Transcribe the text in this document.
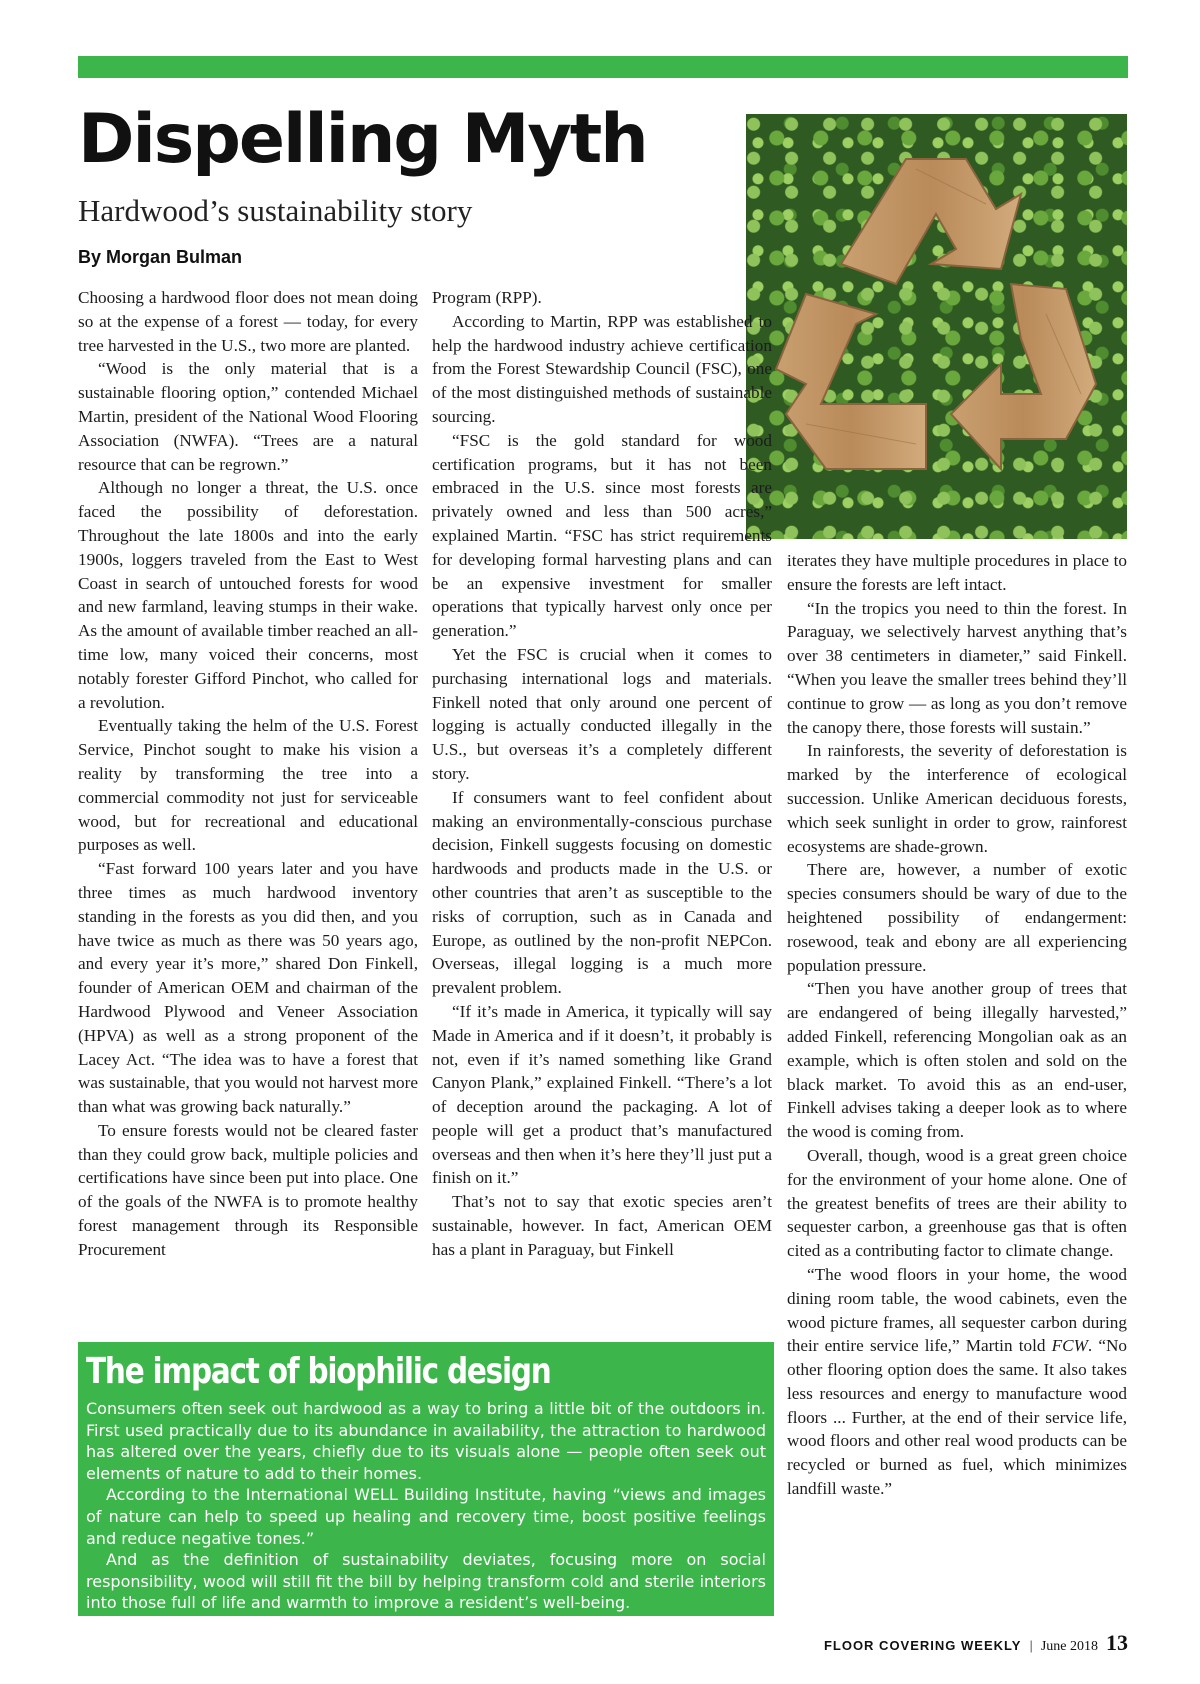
Dispelling Myth
Hardwood’s sustainability story

By Morgan Bulman

Choosing a hardwood floor does not mean doing so at the expense of a forest — today, for every tree harvested in the U.S., two more are planted.

“Wood is the only material that is a sustainable flooring option,” contended Michael Martin, president of the National Wood Flooring Association (NWFA). “Trees are a natural resource that can be regrown.”

Although no longer a threat, the U.S. once faced the possibility of deforestation. Throughout the late 1800s and into the early 1900s, loggers traveled from the East to West Coast in search of untouched forests for wood and new farmland, leaving stumps in their wake. As the amount of available timber reached an all-time low, many voiced their concerns, most notably forester Gifford Pinchot, who called for a revolution.

Eventually taking the helm of the U.S. Forest Service, Pinchot sought to make his vision a reality by transforming the tree into a commercial commodity not just for serviceable wood, but for recreational and educational purposes as well.

“Fast forward 100 years later and you have three times as much hardwood inventory standing in the forests as you did then, and you have twice as much as there was 50 years ago, and every year it’s more,” shared Don Finkell, founder of American OEM and chairman of the Hardwood Plywood and Veneer Association (HPVA) as well as a strong proponent of the Lacey Act. “The idea was to have a forest that was sustainable, that you would not harvest more than what was growing back naturally.”

To ensure forests would not be cleared faster than they could grow back, multiple policies and certifications have since been put into place. One of the goals of the NWFA is to promote healthy forest management through its Responsible Procurement

Program (RPP).

According to Martin, RPP was established to help the hardwood industry achieve certification from the Forest Stewardship Council (FSC), one of the most distinguished methods of sustainable sourcing.

“FSC is the gold standard for wood certification programs, but it has not been embraced in the U.S. since most forests are privately owned and less than 500 acres,” explained Martin. “FSC has strict requirements for developing formal harvesting plans and can be an expensive investment for smaller operations that typically harvest only once per generation.”

Yet the FSC is crucial when it comes to purchasing international logs and materials. Finkell noted that only around one percent of logging is actually conducted illegally in the U.S., but overseas it’s a completely different story.

If consumers want to feel confident about making an environmentally-conscious purchase decision, Finkell suggests focusing on domestic hardwoods and products made in the U.S. or other countries that aren’t as susceptible to the risks of corruption, such as in Canada and Europe, as outlined by the non-profit NEPCon. Overseas, illegal logging is a much more prevalent problem.

“If it’s made in America, it typically will say Made in America and if it doesn’t, it probably is not, even if it’s named something like Grand Canyon Plank,” explained Finkell. “There’s a lot of deception around the packaging. A lot of people will get a product that’s manufactured overseas and then when it’s here they’ll just put a finish on it.”

That’s not to say that exotic species aren’t sustainable, however. In fact, American OEM has a plant in Paraguay, but Finkell

iterates they have multiple procedures in place to ensure the forests are left intact.

“In the tropics you need to thin the forest. In Paraguay, we selectively harvest anything that’s over 38 centimeters in diameter,” said Finkell. “When you leave the smaller trees behind they’ll continue to grow — as long as you don’t remove the canopy there, those forests will sustain.”

In rainforests, the severity of deforestation is marked by the interference of ecological succession. Unlike American deciduous forests, which seek sunlight in order to grow, rainforest ecosystems are shade-grown.

There are, however, a number of exotic species consumers should be wary of due to the heightened possibility of endangerment: rosewood, teak and ebony are all experiencing population pressure.

“Then you have another group of trees that are endangered of being illegally harvested,” added Finkell, referencing Mongolian oak as an example, which is often stolen and sold on the black market. To avoid this as an end-user, Finkell advises taking a deeper look as to where the wood is coming from.

Overall, though, wood is a great green choice for the environment of your home alone. One of the greatest benefits of trees are their ability to sequester carbon, a greenhouse gas that is often cited as a contributing factor to climate change.

“The wood floors in your home, the wood dining room table, the wood cabinets, even the wood picture frames, all sequester carbon during their entire service life,” Martin told FCW. “No other flooring option does the same. It also takes less resources and energy to manufacture wood floors ... Further, at the end of their service life, wood floors and other real wood products can be recycled or burned as fuel, which minimizes landfill waste.”

The impact of biophilic design

Consumers often seek out hardwood as a way to bring a little bit of the outdoors in. First used practically due to its abundance in availability, the attraction to hardwood has altered over the years, chiefly due to its visuals alone — people often seek out elements of nature to add to their homes.

According to the International WELL Building Institute, having “views and images of nature can help to speed up healing and recovery time, boost positive feelings and reduce negative tones.”

And as the definition of sustainability deviates, focusing more on social responsibility, wood will still fit the bill by helping transform cold and sterile interiors into those full of life and warmth to improve a resident’s well-being.

FLOOR COVERING WEEKLY | June 2018 13
